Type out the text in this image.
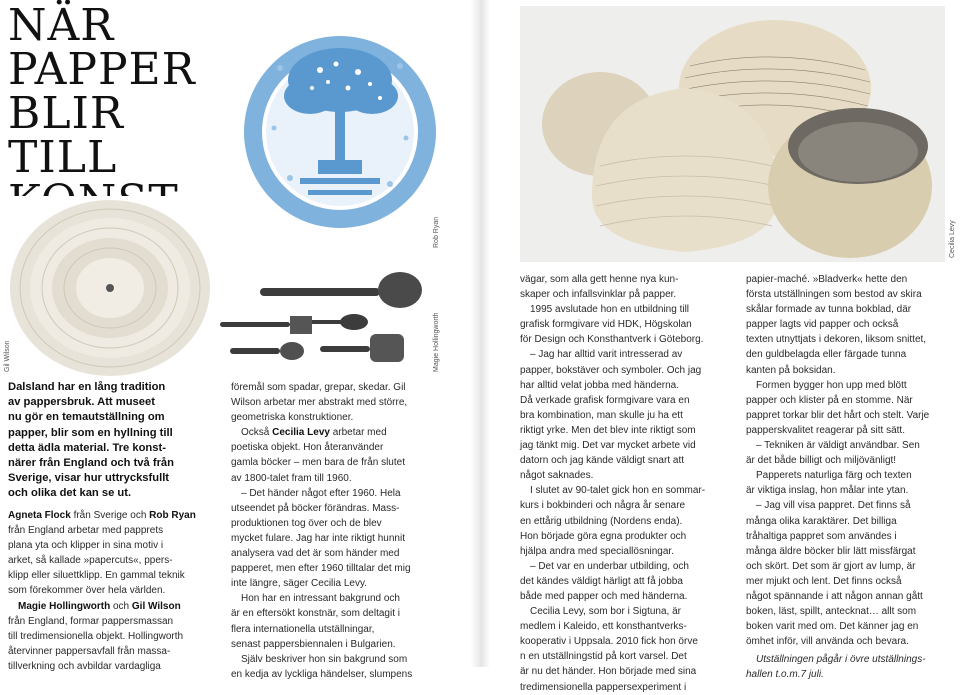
NÄR PAPPER
BLIR TILL
Rob Ryan
Gil Wilson	Magie Hollingworth
Dalsland har en lång tradition
av pappersbruk. Att museet
nu gör en temautställning om
papper, blir som en hyllning till
detta ädla material. Tre konst-
närer från England och två från
Sverige, visar hur uttrycksfullt
och olika det kan se ut.
Agneta Flock från Sverige och Rob Ryan
från England arbetar med papprets
plana yta och klipper in sina motiv i
arket, så kallade »papercuts«, ppers-
klipp eller siluettklipp. En gammal teknik
som förekommer över hela världen.
Magie Hollingworth och Gil Wilson
från England, formar pappersmassan
till tredimensionella objekt. Hollingworth
återvinner pappersavfall från massa-
tillverkning och avbildar vardagliga
föremål som spadar, grepar, skedar. Gil
Wilson arbetar mer abstrakt med större,
geometriska konstruktioner.
Också Cecilia Levy arbetar med
poetiska objekt. Hon återanvänder
gamla böcker – men bara de från slutet
av 1800-talet fram till 1960.
– Det händer något efter 1960. Hela
utseendet på böcker förändras. Mass-
produktionen tog över och de blev
mycket fulare. Jag har inte riktigt hunnit
analysera vad det är som händer med
papperet, men efter 1960 tilltalar det mig
inte längre, säger Cecilia Levy.
Hon har en intressant bakgrund och
är en eftersökt konstnär, som deltagit i
flera internationella utställningar,
senast pappersbiennalen i Bulgarien.
Själv beskriver hon sin bakgrund som
en kedja av lyckliga händelser, slumpens
Cecilia Levy
vägar, som alla gett henne nya kun-
skaper och infallsvinklar på papper.
1995 avslutade hon en utbildning till
grafisk formgivare vid HDK, Högskolan
för Design och Konsthantverk i Göteborg.
– Jag har alltid varit intresserad av
papper, bokstäver och symboler. Och jag
har alltid velat jobba med händerna.
Då verkade grafisk formgivare vara en
bra kombination, man skulle ju ha ett
riktigt yrke. Men det blev inte riktigt som
jag tänkt mig. Det var mycket arbete vid
datorn och jag kände väldigt snart att
något saknades.
I slutet av 90-talet gick hon en sommar-
kurs i bokbinderi och några år senare
en ettårig utbildning (Nordens enda).
Hon började göra egna produkter och
hjälpa andra med speciallösningar.
– Det var en underbar utbilding, och
det kändes väldigt härligt att få jobba
både med papper och med händerna.
Cecilia Levy, som bor i Sigtuna, är
medlem i Kaleido, ett konsthantverks-
kooperativ i Uppsala. 2010 fick hon örve
n en utställningstid på kort varsel. Det
är nu det händer. Hon började med sina
tredimensionella pappersexperiment i
papier-maché. »Bladverk« hette den
första utställningen som bestod av skira
skålar formade av tunna bokblad, där
papper lagts vid papper och också
texten utnyttjats i dekoren, liksom snittet,
den guldbelagda eller färgade tunna
kanten på boksidan.
Formen bygger hon upp med blött
papper och klister på en stomme. När
pappret torkar blir det hårt och stelt. Varje
papperskvalitet reagerar på sitt sätt.
– Tekniken är väldigt användbar. Sen
är det både billigt och miljövänligt!
Papperets naturliga färg och texten
är viktiga inslag, hon målar inte ytan.
– Jag vill visa pappret. Det finns så
många olika karaktärer. Det billiga
tråhaltiga pappret som användes i
många äldre böcker blir lätt missfärgat
och skört. Det som är gjort av lump, är
mer mjukt och lent. Det finns också
något spännande i att någon annan gått
boken, läst, spillt, antecknat… allt som
boken varit med om. Det känner jag en
ömhet inför, vill använda och bevara.
Utställningen pågår i övre utställnings-
hallen t.o.m.7 juli.
